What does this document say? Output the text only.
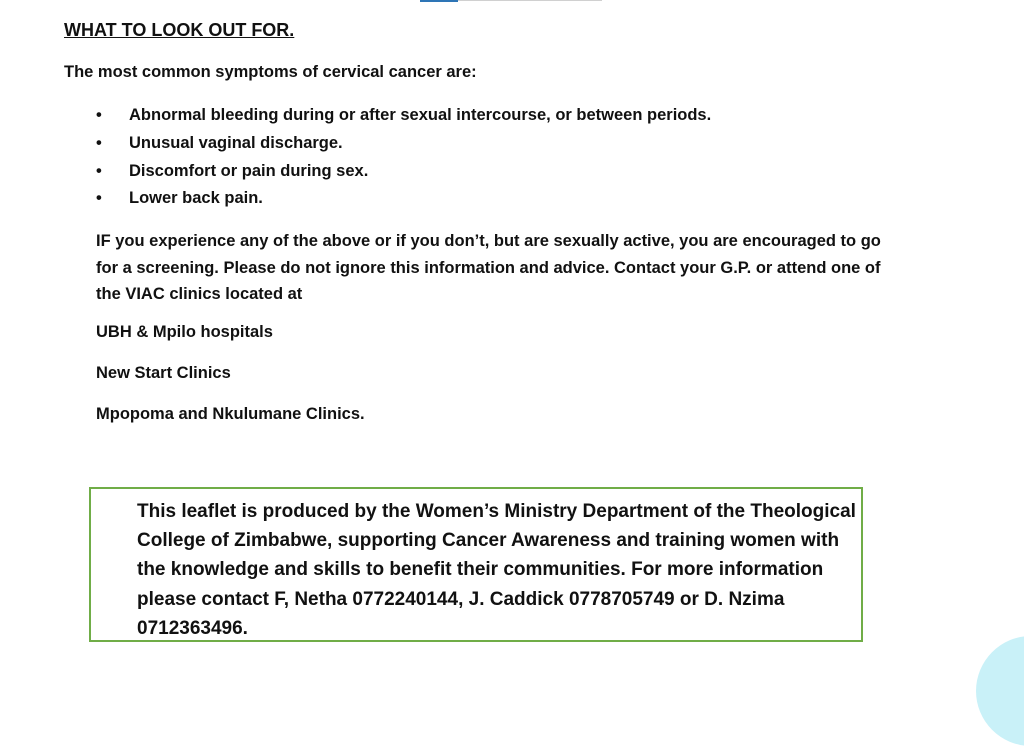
WHAT TO LOOK OUT FOR.

The most common symptoms of cervical cancer are:

• Abnormal bleeding during or after sexual intercourse, or between periods.
• Unusual vaginal discharge.
• Discomfort or pain during sex.
• Lower back pain.

IF you experience any of the above or if you don’t, but are sexually active, you are encouraged to go for a screening. Please do not ignore this information and advice. Contact your G.P. or attend one of the VIAC clinics located at

UBH & Mpilo hospitals

New Start Clinics

Mpopoma and Nkulumane Clinics.

This leaflet is produced by the Women’s Ministry Department of the Theological College of Zimbabwe, supporting Cancer Awareness and training women with the knowledge and skills to benefit their communities. For more information please contact F, Netha 0772240144, J. Caddick 0778705749 or D. Nzima 0712363496.
